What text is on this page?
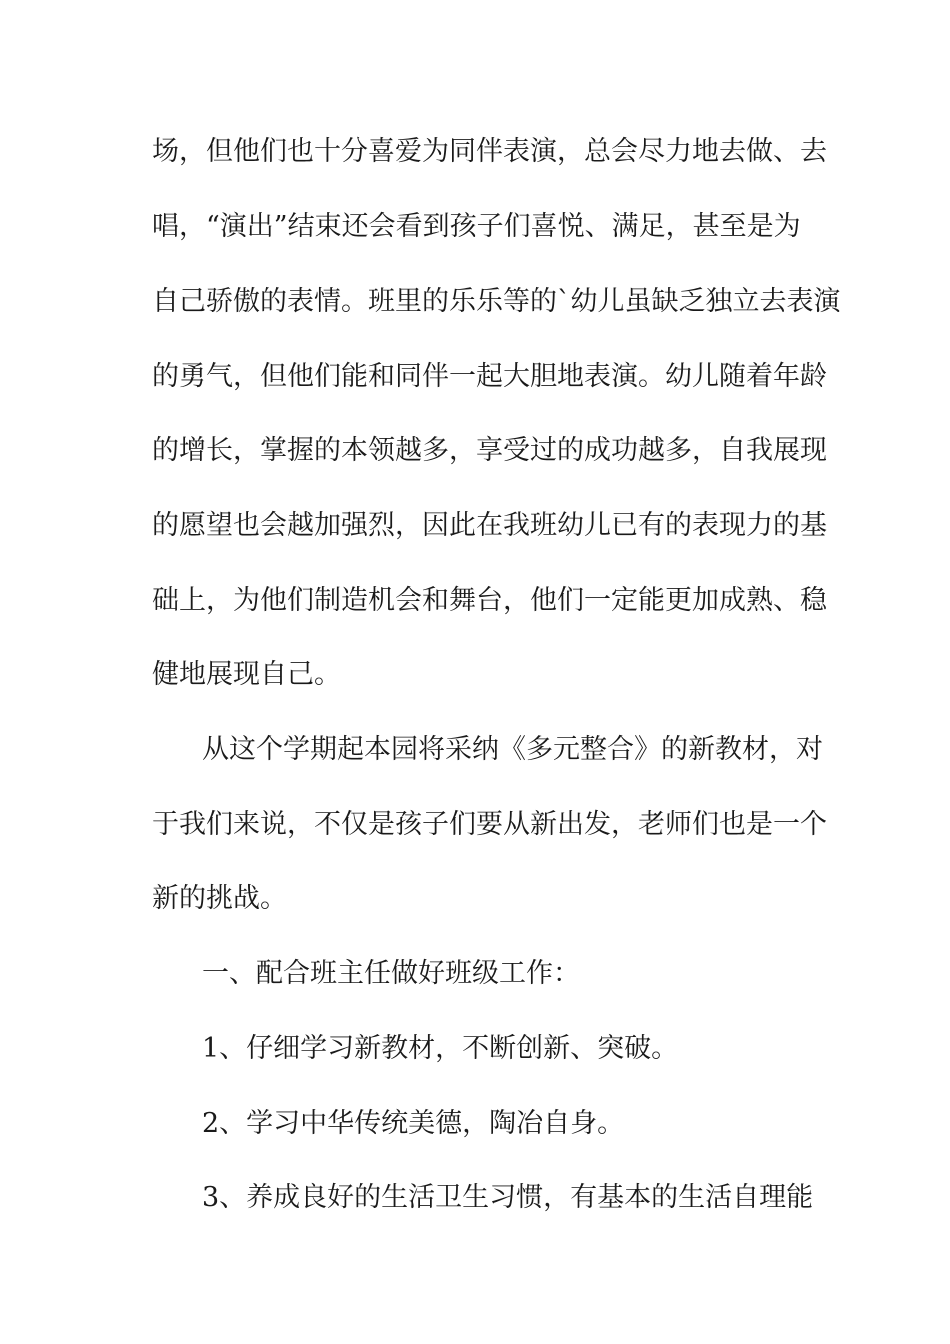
场，但他们也十分喜爱为同伴表演，总会尽力地去做、去
唱，“演出”结束还会看到孩子们喜悦、满足，甚至是为
自己骄傲的表情。班里的乐乐等的`幼儿虽缺乏独立去表演
的勇气，但他们能和同伴一起大胆地表演。幼儿随着年龄
的增长，掌握的本领越多，享受过的成功越多，自我展现
的愿望也会越加强烈，因此在我班幼儿已有的表现力的基
础上，为他们制造机会和舞台，他们一定能更加成熟、稳
健地展现自己。
从这个学期起本园将采纳《多元整合》的新教材，对
于我们来说，不仅是孩子们要从新出发，老师们也是一个
新的挑战。
一、配合班主任做好班级工作：
1、仔细学习新教材，不断创新、突破。
2、学习中华传统美德，陶冶自身。
3、养成良好的生活卫生习惯，有基本的生活自理能
